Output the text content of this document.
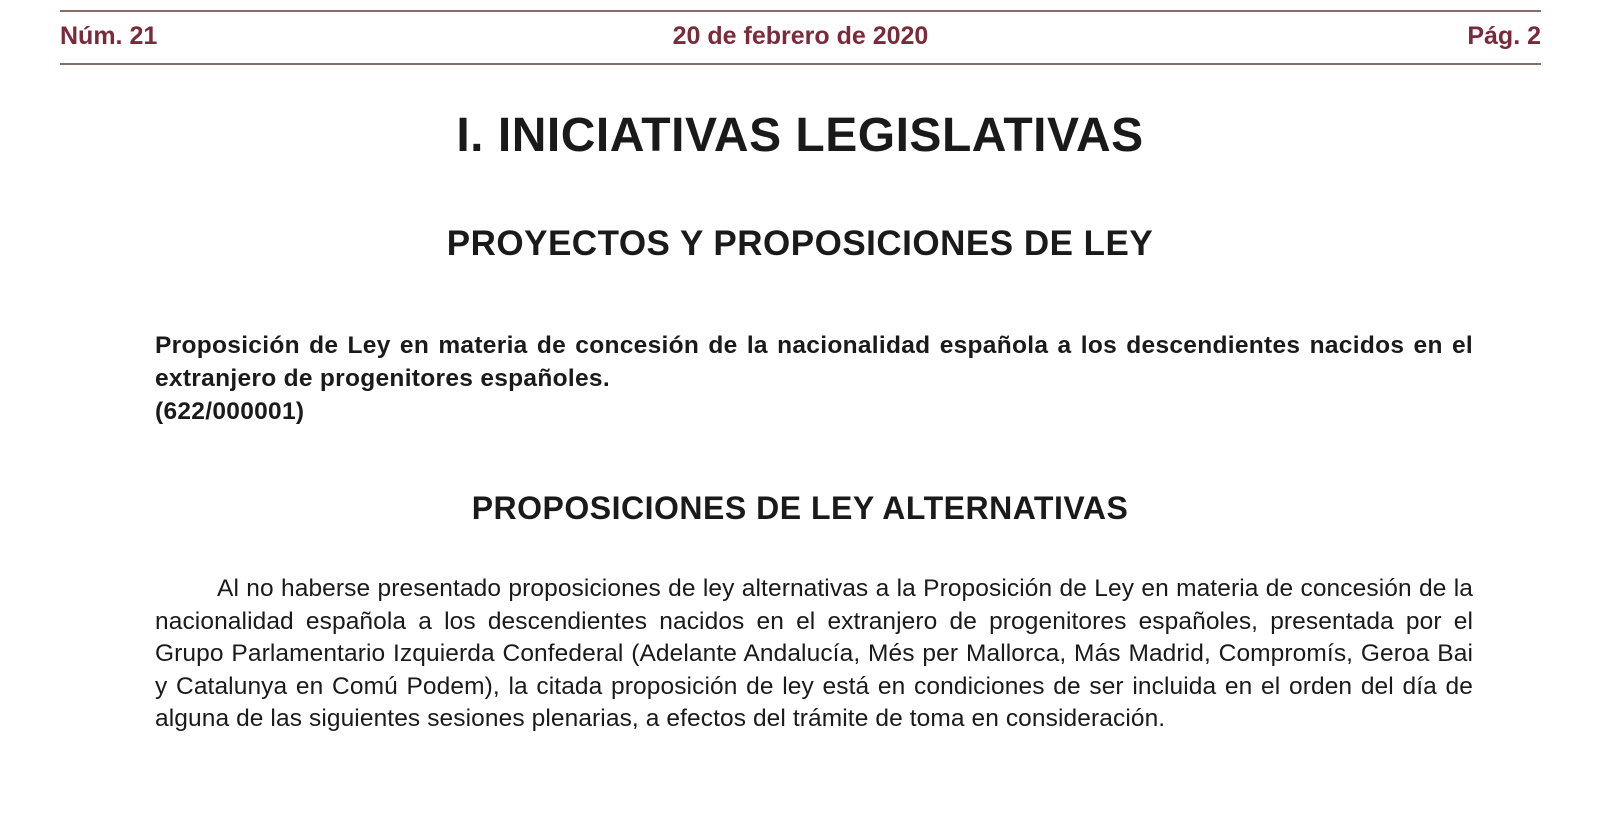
Núm. 21	20 de febrero de 2020	Pág. 2
I. INICIATIVAS LEGISLATIVAS
PROYECTOS Y PROPOSICIONES DE LEY
Proposición de Ley en materia de concesión de la nacionalidad española a los descendientes nacidos en el extranjero de progenitores españoles.
(622/000001)
PROPOSICIONES DE LEY ALTERNATIVAS

Al no haberse presentado proposiciones de ley alternativas a la Proposición de Ley en materia de concesión de la nacionalidad española a los descendientes nacidos en el extranjero de progenitores españoles, presentada por el Grupo Parlamentario Izquierda Confederal (Adelante Andalucía, Més per Mallorca, Más Madrid, Compromís, Geroa Bai y Catalunya en Comú Podem), la citada proposición de ley está en condiciones de ser incluida en el orden del día de alguna de las siguientes sesiones plenarias, a efectos del trámite de toma en consideración.
